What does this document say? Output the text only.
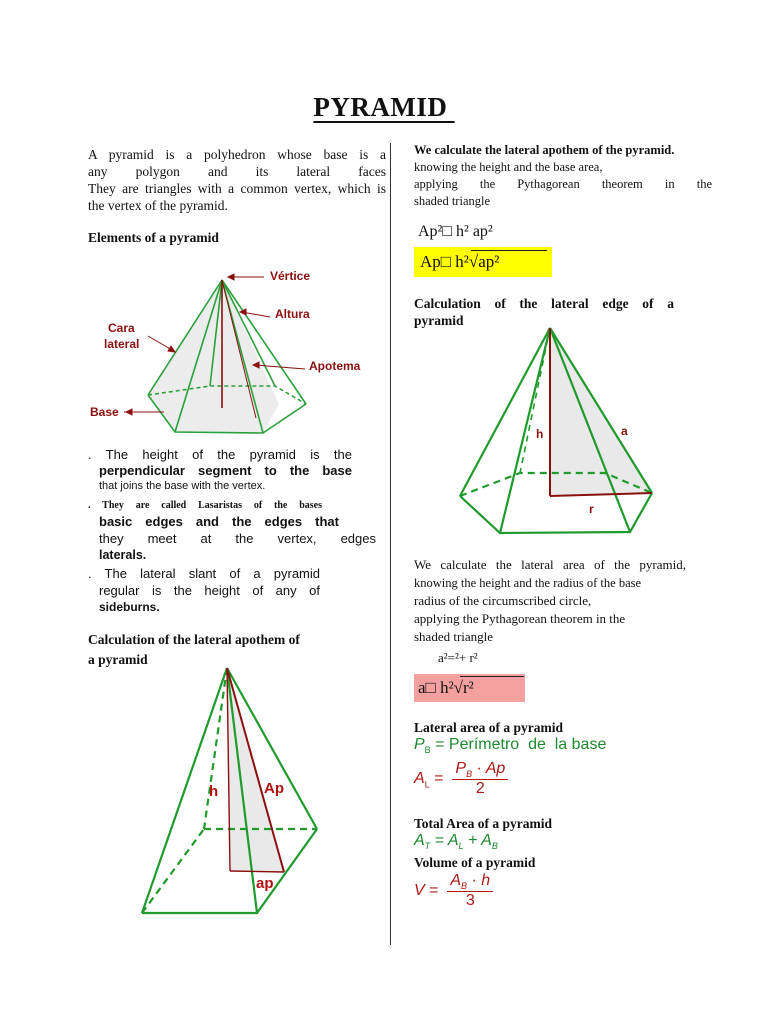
PYRAMID
A pyramid is a polyhedron whose base is a
any polygon and its lateral faces
They are triangles with a common vertex, which is
the vertex of the pyramid.
Elements of a pyramid
Vértice
Altura
Cara
lateral
Apotema
Base
. The height of the pyramid is the
perpendicular segment to the base
that joins the base with the vertex.
. They are called Lasaristas of the bases
basic edges and the edges that
they meet at the vertex, edges
laterals.
. The lateral slant of a pyramid
regular is the height of any of
sideburns.
Calculation of the lateral apothem of
a pyramid
h	Ap
ap
We calculate the lateral apothem of the pyramid.
knowing the height and the base area,
applying the Pythagorean theorem in the
shaded triangle
Ap²□ h² ap²
Ap□ h²√ap²
Calculation of the lateral edge of a
pyramid
h	a
r
We calculate the lateral area of the pyramid,
knowing the height and the radius of the base
radius of the circumscribed circle,
applying the Pythagorean theorem in the
shaded triangle
a²=²+ r²
a□ h²√r²
Lateral area of a pyramid
$P_B$ = Perímetro  de  la base
$A_L = \frac{P_B \cdot Ap}{2}$
Total Area of a pyramid
$A_T = A_L + A_B$
Volume of a pyramid
$V = \frac{A_B \cdot h}{3}$
